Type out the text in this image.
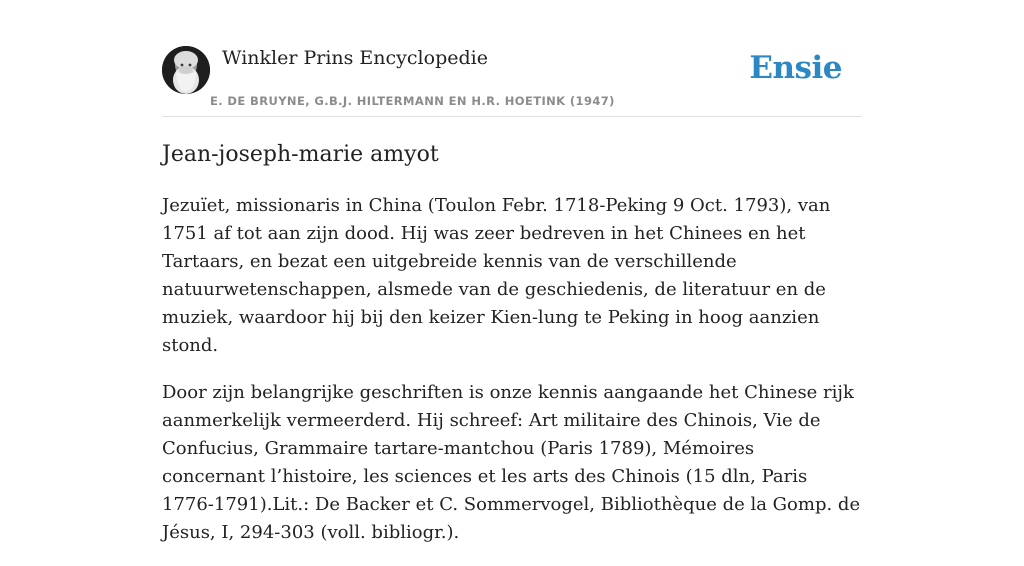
Winkler Prins Encyclopedie
E. DE BRUYNE, G.B.J. HILTERMANN EN H.R. HOETINK (1947)
Ensie
Jean-joseph-marie amyot

Jezuïet, missionaris in China (Toulon Febr. 1718-Peking 9 Oct. 1793), van 1751 af tot aan zijn dood. Hij was zeer bedreven in het Chinees en het Tartaars, en bezat een uitgebreide kennis van de verschillende natuurwetenschappen, alsmede van de geschiedenis, de literatuur en de muziek, waardoor hij bij den keizer Kien-lung te Peking in hoog aanzien stond.

Door zijn belangrijke geschriften is onze kennis aangaande het Chinese rijk aanmerkelijk vermeerderd. Hij schreef: Art militaire des Chinois, Vie de Confucius, Grammaire tartare-mantchou (Paris 1789), Mémoires concernant l’histoire, les sciences et les arts des Chinois (15 dln, Paris 1776-1791).Lit.: De Backer et C. Sommervogel, Bibliothèque de la Gomp. de Jésus, I, 294-303 (voll. bibliogr.).
